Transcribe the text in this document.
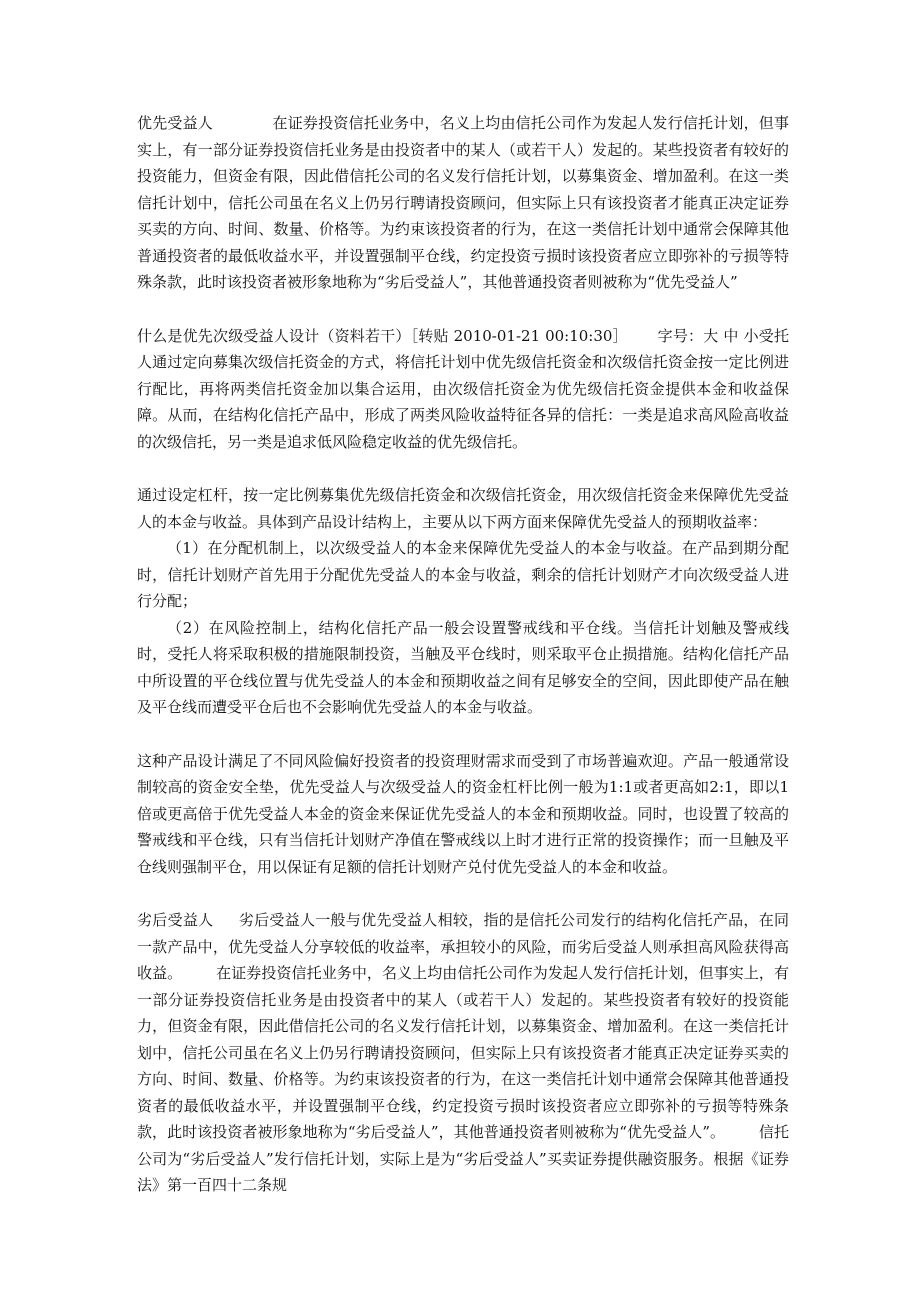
优先受益人	在证券投资信托业务中，名义上均由信托公司作为发起人发行信托计划，但事实上，有一部分证券投资信托业务是由投资者中的某人（或若干人）发起的。某些投资者有较好的投资能力，但资金有限，因此借信托公司的名义发行信托计划，以募集资金、增加盈利。在这一类信托计划中，信托公司虽在名义上仍另行聘请投资顾问，但实际上只有该投资者才能真正决定证券买卖的方向、时间、数量、价格等。为约束该投资者的行为，在这一类信托计划中通常会保障其他普通投资者的最低收益水平，并设置强制平仓线，约定投资亏损时该投资者应立即弥补的亏损等特殊条款，此时该投资者被形象地称为“劣后受益人”，其他普通投资者则被称为“优先受益人”

什么是优先次级受益人设计（资料若干）［转贴 2010-01-21 00:10:30］ 字号：大 中 小受托人通过定向募集次级信托资金的方式，将信托计划中优先级信托资金和次级信托资金按一定比例进行配比，再将两类信托资金加以集合运用，由次级信托资金为优先级信托资金提供本金和收益保障。从而，在结构化信托产品中，形成了两类风险收益特征各异的信托：一类是追求高风险高收益的次级信托，另一类是追求低风险稳定收益的优先级信托。

通过设定杠杆，按一定比例募集优先级信托资金和次级信托资金，用次级信托资金来保障优先受益人的本金与收益。具体到产品设计结构上，主要从以下两方面来保障优先受益人的预期收益率：

（1）在分配机制上，以次级受益人的本金来保障优先受益人的本金与收益。在产品到期分配时，信托计划财产首先用于分配优先受益人的本金与收益，剩余的信托计划财产才向次级受益人进行分配；

（2）在风险控制上，结构化信托产品一般会设置警戒线和平仓线。当信托计划触及警戒线时，受托人将采取积极的措施限制投资，当触及平仓线时，则采取平仓止损措施。结构化信托产品中所设置的平仓线位置与优先受益人的本金和预期收益之间有足够安全的空间，因此即使产品在触及平仓线而遭受平仓后也不会影响优先受益人的本金与收益。

这种产品设计满足了不同风险偏好投资者的投资理财需求而受到了市场普遍欢迎。产品一般通常设制较高的资金安全垫，优先受益人与次级受益人的资金杠杆比例一般为1:1或者更高如2:1，即以1倍或更高倍于优先受益人本金的资金来保证优先受益人的本金和预期收益。同时，也设置了较高的警戒线和平仓线，只有当信托计划财产净值在警戒线以上时才进行正常的投资操作；而一旦触及平仓线则强制平仓，用以保证有足额的信托计划财产兑付优先受益人的本金和收益。

劣后受益人 劣后受益人一般与优先受益人相较，指的是信托公司发行的结构化信托产品，在同一款产品中，优先受益人分享较低的收益率，承担较小的风险，而劣后受益人则承担高风险获得高收益。 在证券投资信托业务中，名义上均由信托公司作为发起人发行信托计划，但事实上，有一部分证券投资信托业务是由投资者中的某人（或若干人）发起的。某些投资者有较好的投资能力，但资金有限，因此借信托公司的名义发行信托计划，以募集资金、增加盈利。在这一类信托计划中，信托公司虽在名义上仍另行聘请投资顾问，但实际上只有该投资者才能真正决定证券买卖的方向、时间、数量、价格等。为约束该投资者的行为，在这一类信托计划中通常会保障其他普通投资者的最低收益水平，并设置强制平仓线，约定投资亏损时该投资者应立即弥补的亏损等特殊条款，此时该投资者被形象地称为“劣后受益人”，其他普通投资者则被称为“优先受益人”。 信托公司为“劣后受益人”发行信托计划，实际上是为“劣后受益人”买卖证券提供融资服务。根据《证券法》第一百四十二条规
